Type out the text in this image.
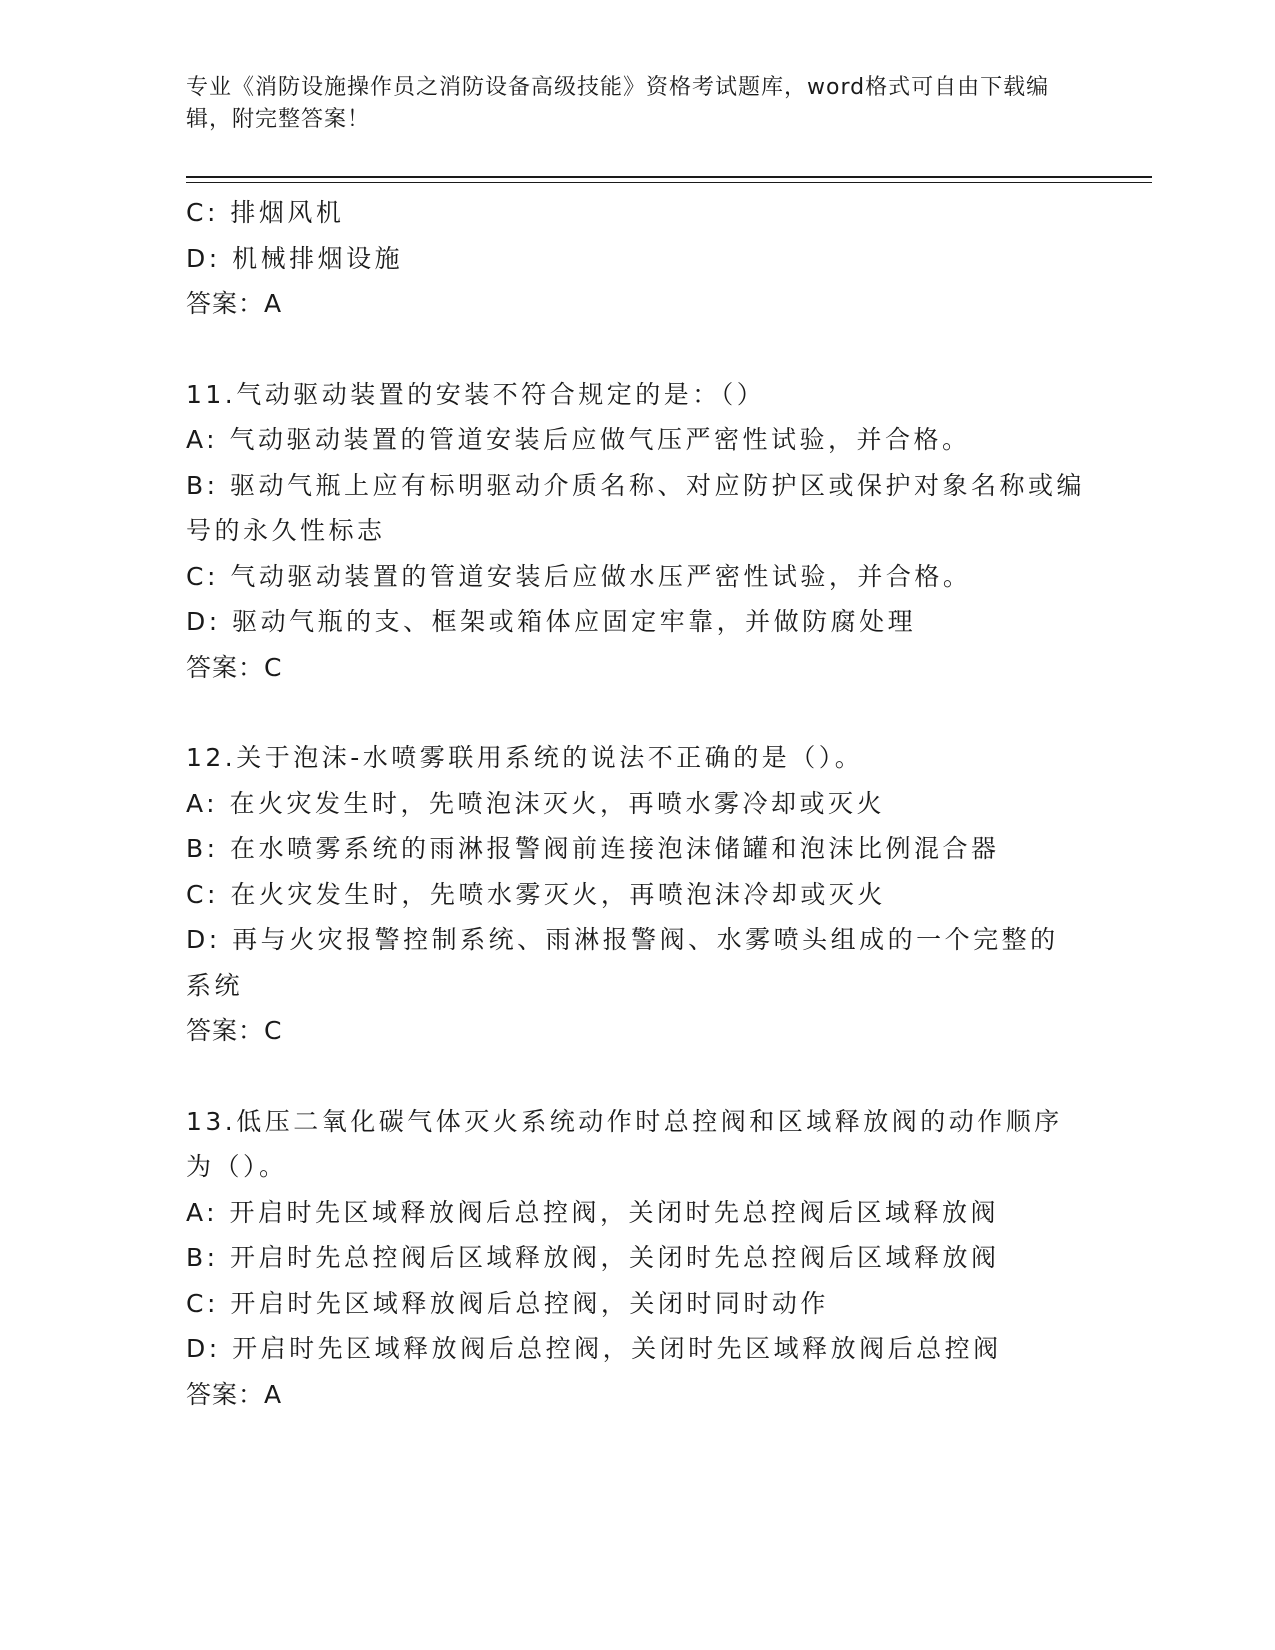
专业《消防设施操作员之消防设备高级技能》资格考试题库，word格式可自由下载编辑，附完整答案！

C: 排烟风机

D: 机械排烟设施

答案：A

11.气动驱动装置的安装不符合规定的是：（）

A: 气动驱动装置的管道安装后应做气压严密性试验，并合格。

B: 驱动气瓶上应有标明驱动介质名称、对应防护区或保护对象名称或编号的永久性标志

C: 气动驱动装置的管道安装后应做水压严密性试验，并合格。

D: 驱动气瓶的支、框架或箱体应固定牢靠，并做防腐处理

答案：C

12.关于泡沫-水喷雾联用系统的说法不正确的是（）。

A: 在火灾发生时，先喷泡沫灭火，再喷水雾冷却或灭火

B: 在水喷雾系统的雨淋报警阀前连接泡沫储罐和泡沫比例混合器

C: 在火灾发生时，先喷水雾灭火，再喷泡沫冷却或灭火

D: 再与火灾报警控制系统、雨淋报警阀、水雾喷头组成的一个完整的系统

答案：C

13.低压二氧化碳气体灭火系统动作时总控阀和区域释放阀的动作顺序为（）。

A: 开启时先区域释放阀后总控阀，关闭时先总控阀后区域释放阀

B: 开启时先总控阀后区域释放阀，关闭时先总控阀后区域释放阀

C: 开启时先区域释放阀后总控阀，关闭时同时动作

D: 开启时先区域释放阀后总控阀，关闭时先区域释放阀后总控阀

答案：A
